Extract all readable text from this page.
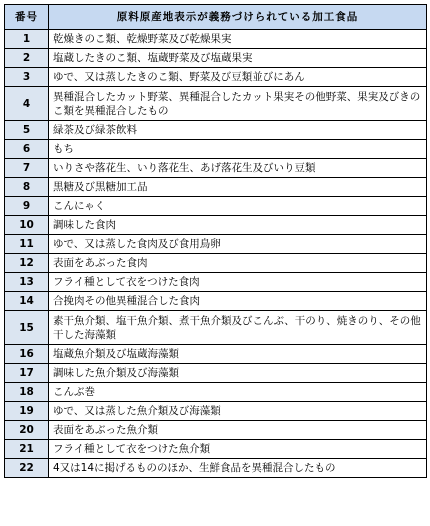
番号	原料原産地表示が義務づけられている加工食品
1	乾燥きのこ類、乾燥野菜及び乾燥果実
2	塩蔵したきのこ類、塩蔵野菜及び塩蔵果実
3	ゆで、又は蒸したきのこ類、野菜及び豆類並びにあん
4	異種混合したカット野菜、異種混合したカット果実その他野菜、果実及びきのこ類を異種混合したもの
5	緑茶及び緑茶飲料
6	もち
7	いりさや落花生、いり落花生、あげ落花生及びいり豆類
8	黒糖及び黒糖加工品
9	こんにゃく
10	調味した食肉
11	ゆで、又は蒸した食肉及び食用鳥卵
12	表面をあぶった食肉
13	フライ種として衣をつけた食肉
14	合挽肉その他異種混合した食肉
15	素干魚介類、塩干魚介類、煮干魚介類及びこんぶ、干のり、焼きのり、その他干した海藻類
16	塩蔵魚介類及び塩蔵海藻類
17	調味した魚介類及び海藻類
18	こんぶ巻
19	ゆで、又は蒸した魚介類及び海藻類
20	表面をあぶった魚介類
21	フライ種として衣をつけた魚介類
22	4又は14に掲げるもののほか、生鮮食品を異種混合したもの
